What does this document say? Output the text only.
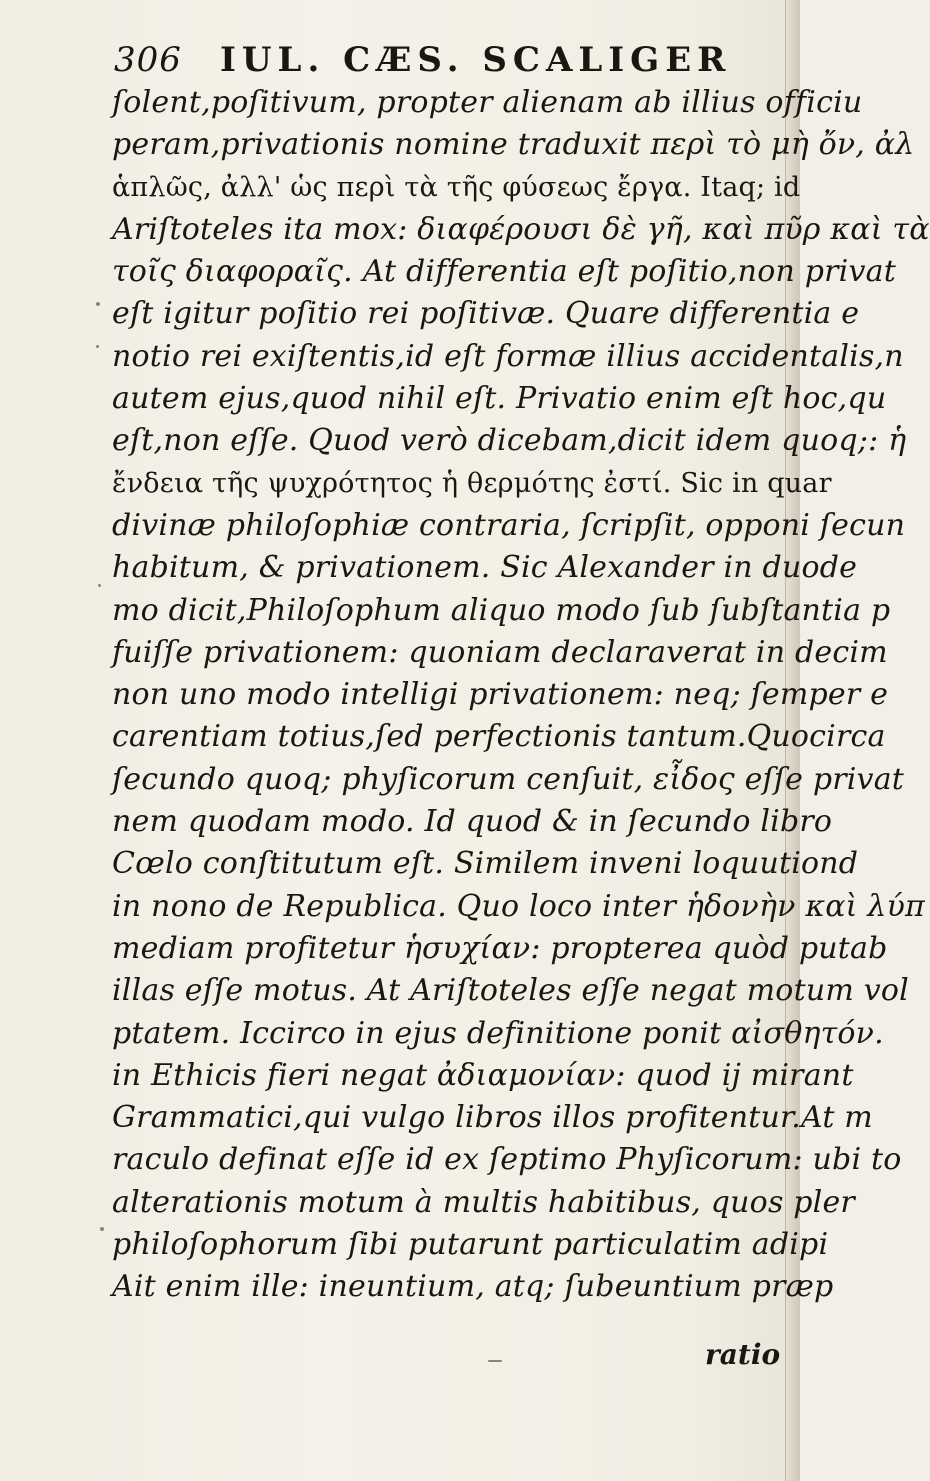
306 IUL. CÆS. SCALIGER
ſolent,poſitivum, propter alienam ab illius officiu
peram,privationis nomine traduxit περὶ τὸ μὴ ὄν, ἀλ
ἁπλῶς, ἀλλ' ὡς περὶ τὰ τῆς φύσεως ἔργα. Itaq; id
Ariſtoteles ita mox: διαφέρουσι δὲ γῆ, καὶ πῦρ καὶ τὰ
τοῖς διαφοραῖς. At differentia eſt poſitio,non privat
eſt igitur poſitio rei poſitivæ. Quare differentia e
notio rei exiſtentis,id eſt formæ illius accidentalis,n
autem ejus,quod nihil eſt. Privatio enim eſt hoc,qu
eſt,non eſſe. Quod verò dicebam,dicit idem quoq;: ἡ
ἔνδεια τῆς ψυχρότητος ἡ θερμότης ἐστί. Sic in quar
divinæ philoſophiæ contraria, ſcripſit, opponi ſecun
habitum, & privationem. Sic Alexander in duode
mo dicit,Philoſophum aliquo modo ſub ſubſtantia p
fuiſſe privationem: quoniam declaraverat in decim
non uno modo intelligi privationem: neq; ſemper e
carentiam totius,ſed perfectionis tantum.Quocirca
ſecundo quoq; phyſicorum cenſuit, εἶδος eſſe privat
nem quodam modo. Id quod & in ſecundo libro
Cœlo conſtitutum eſt. Similem inveni loquutiond
in nono de Republica. Quo loco inter ἡδονὴν καὶ λύπ
mediam profitetur ἡσυχίαν: propterea quòd putab
illas eſſe motus. At Ariſtoteles eſſe negat motum vol
ptatem. Iccirco in ejus definitione ponit αἰσθητόν.
in Ethicis fieri negat ἀδιαμονίαν: quod ij mirant
Grammatici,qui vulgo libros illos profitentur.At m
raculo definat eſſe id ex ſeptimo Phyſicorum: ubi to
alterationis motum à multis habitibus, quos pler
philoſophorum ſibi putarunt particulatim adipi
Ait enim ille: ineuntium, atq; ſubeuntium præp
ratio
